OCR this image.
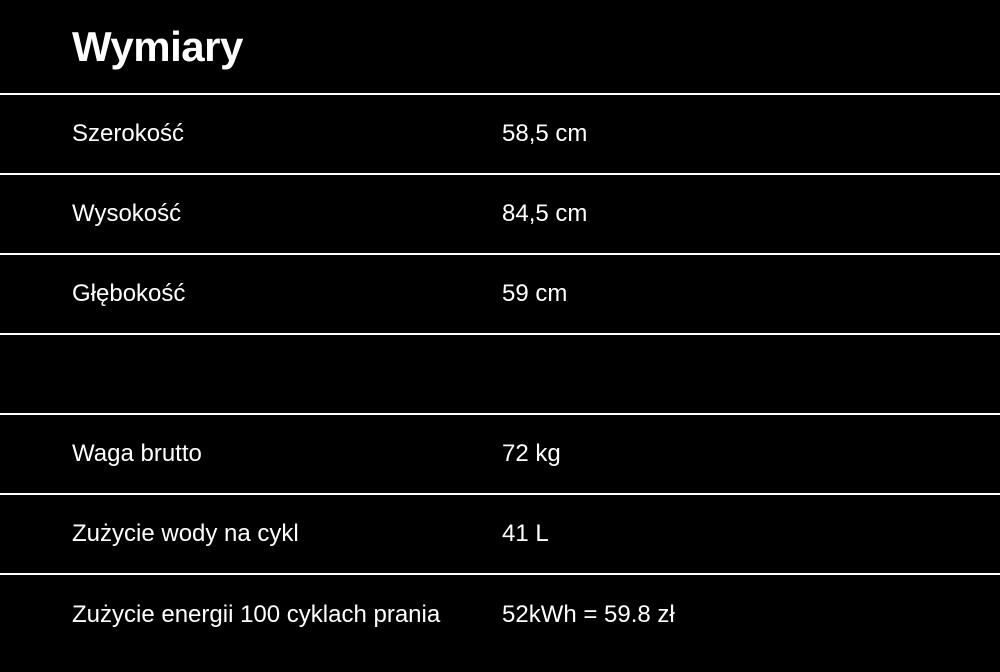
Wymiary
Szerokość	58,5 cm
Wysokość	84,5 cm
Głębokość	59 cm
Waga brutto	72 kg
Zużycie wody na cykl	41 L
Zużycie energii 100 cyklach prania	52kWh = 59.8 zł
